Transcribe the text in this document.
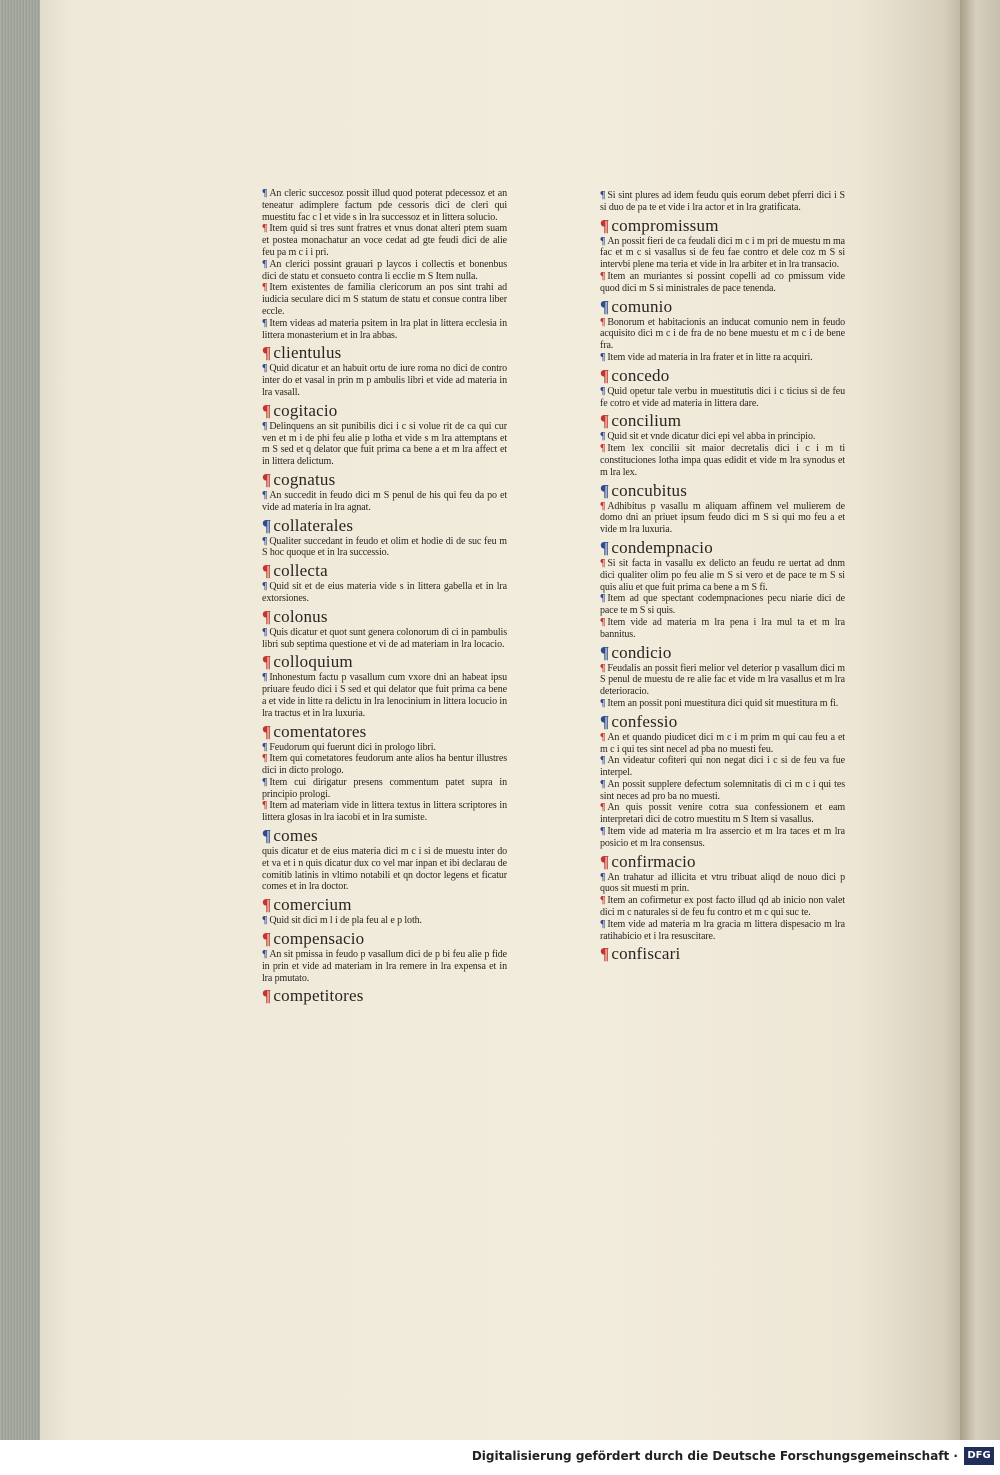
¶ An cleric succesoz possit illud quod poterat pdecessoz et an teneatur adimplere factum pde cessoris dici de cleri qui muestitu fac c l et vide s in lra successoz et in littera solucio.

¶ Item quid si tres sunt fratres et vnus donat alteri ptem suam et postea monachatur an voce cedat ad gte feudi dici de alie feu pa m c i i pri.

¶ An clerici possint grauari p laycos i collectis et bonenbus dici de statu et consueto contra li ecclie m S Item nulla.

¶ Item existentes de familia clericorum an pos sint trahi ad iudicia seculare dici m S statum de statu et consue contra liber eccle.

¶ Item videas ad materia psitem in lra plat in littera ecclesia in littera monasterium et in lra abbas.

¶ clientulus

¶ Quid dicatur et an habuit ortu de iure roma no dici de contro inter do et vasal in prin m p ambulis libri et vide ad materia in lra vasall.

¶ cogitacio

¶ Delinquens an sit punibilis dici i c si volue rit de ca qui cur ven et m i de phi feu alie p lotha et vide s m lra attemptans et m S sed et q delator que fuit prima ca bene a et m lra affect et in littera delictum.

¶ cognatus

¶ An succedit in feudo dici m S penul de his qui feu da po et vide ad materia in lra agnat.

¶ collaterales

¶ Qualiter succedant in feudo et olim et hodie di de suc feu m S hoc quoque et in lra successio.

¶ collecta

¶ Quid sit et de eius materia vide s in littera gabella et in lra extorsiones.

¶ colonus

¶ Quis dicatur et quot sunt genera colonorum di ci in pambulis libri sub septima questione et vi de ad materiam in lra locacio.

¶ colloquium

¶ Inhonestum factu p vasallum cum vxore dni an habeat ipsu priuare feudo dici i S sed et qui delator que fuit prima ca bene a et vide in litte ra delictu in lra lenocinium in littera locucio in lra tractus et in lra luxuria.

¶ comentatores

¶ Feudorum qui fuerunt dici in prologo libri.

¶ Item qui cometatores feudorum ante alios ha bentur illustres dici in dicto prologo.

¶ Item cui dirigatur presens commentum patet supra in principio prologi.

¶ Item ad materiam vide in littera textus in littera scriptores in littera glosas in lra iacobi et in lra sumiste.

¶ comes

quis dicatur et de eius materia dici m c i si de muestu inter do et va et i n quis dicatur dux co vel mar inpan et ibi declarau de comitib latinis in vltimo notabili et qn doctor legens et ficatur comes et in lra doctor.

¶ comercium

¶ Quid sit dici m l i de pla feu al e p loth.

¶ compensacio

¶ An sit pmissa in feudo p vasallum dici de p bi feu alie p fide in prin et vide ad materiam in lra remere in lra expensa et in lra pmutato.

¶ competitores

¶ Si sint plures ad idem feudu quis eorum debet pferri dici i S si duo de pa te et vide i lra actor et in lra gratificata.

¶ compromissum

¶ An possit fieri de ca feudali dici m c i m pri de muestu m ma fac et m c si vasallus si de feu fae contro et dele coz m S si intervbi plene ma teria et vide in lra arbiter et in lra transacio.

¶ Item an muriantes si possint copelli ad co pmissum vide quod dici m S si ministrales de pace tenenda.

¶ comunio

¶ Bonorum et habitacionis an inducat comunio nem in feudo acquisito dici m c i de fra de no bene muestu et m c i de bene fra.

¶ Item vide ad materia in lra frater et in litte ra acquiri.

¶ concedo

¶ Quid opetur tale verbu in muestitutis dici i c ticius si de feu fe cotro et vide ad materia in littera dare.

¶ concilium

¶ Quid sit et vnde dicatur dici epi vel abba in principio.

¶ Item lex concilii sit maior decretalis dici i c i m ti constituciones lotha impa quas edidit et vide m lra synodus et m lra lex.

¶ concubitus

¶ Adhibitus p vasallu m aliquam affinem vel mulierem de domo dni an priuet ipsum feudo dici m S si qui mo feu a et vide m lra luxuria.

¶ condempnacio

¶ Si sit facta in vasallu ex delicto an feudu re uertat ad dnm dici qualiter olim po feu alie m S si vero et de pace te m S si quis aliu et que fuit prima ca bene a m S fi.

¶ Item ad que spectant codempnaciones pecu niarie dici de pace te m S si quis.

¶ Item vide ad materia m lra pena i lra mul ta et m lra bannitus.

¶ condicio

¶ Feudalis an possit fieri melior vel deterior p vasallum dici m S penul de muestu de re alie fac et vide m lra vasallus et m lra deterioracio.

¶ Item an possit poni muestitura dici quid sit muestitura m fi.

¶ confessio

¶ An et quando piudicet dici m c i m prim m qui cau feu a et m c i qui tes sint necel ad pba no muesti feu.

¶ An videatur cofiteri qui non negat dici i c si de feu va fue interpel.

¶ An possit supplere defectum solemnitatis di ci m c i qui tes sint neces ad pro ba no muesti.

¶ An quis possit venire cotra sua confessionem et eam interpretari dici de cotro muestitu m S Item si vasallus.

¶ Item vide ad materia m lra assercio et m lra taces et m lra posicio et m lra consensus.

¶ confirmacio

¶ An trahatur ad illicita et vtru tribuat aliqd de nouo dici p quos sit muesti m prin.

¶ Item an cofirmetur ex post facto illud qd ab inicio non valet dici m c naturales si de feu fu contro et m c qui suc te.

¶ Item vide ad materia m lra gracia m littera dispesacio m lra ratihabicio et i lra resuscitare.

¶ confiscari
Digitalisierung gefördert durch die Deutsche Forschungsgemeinschaft · DFG
